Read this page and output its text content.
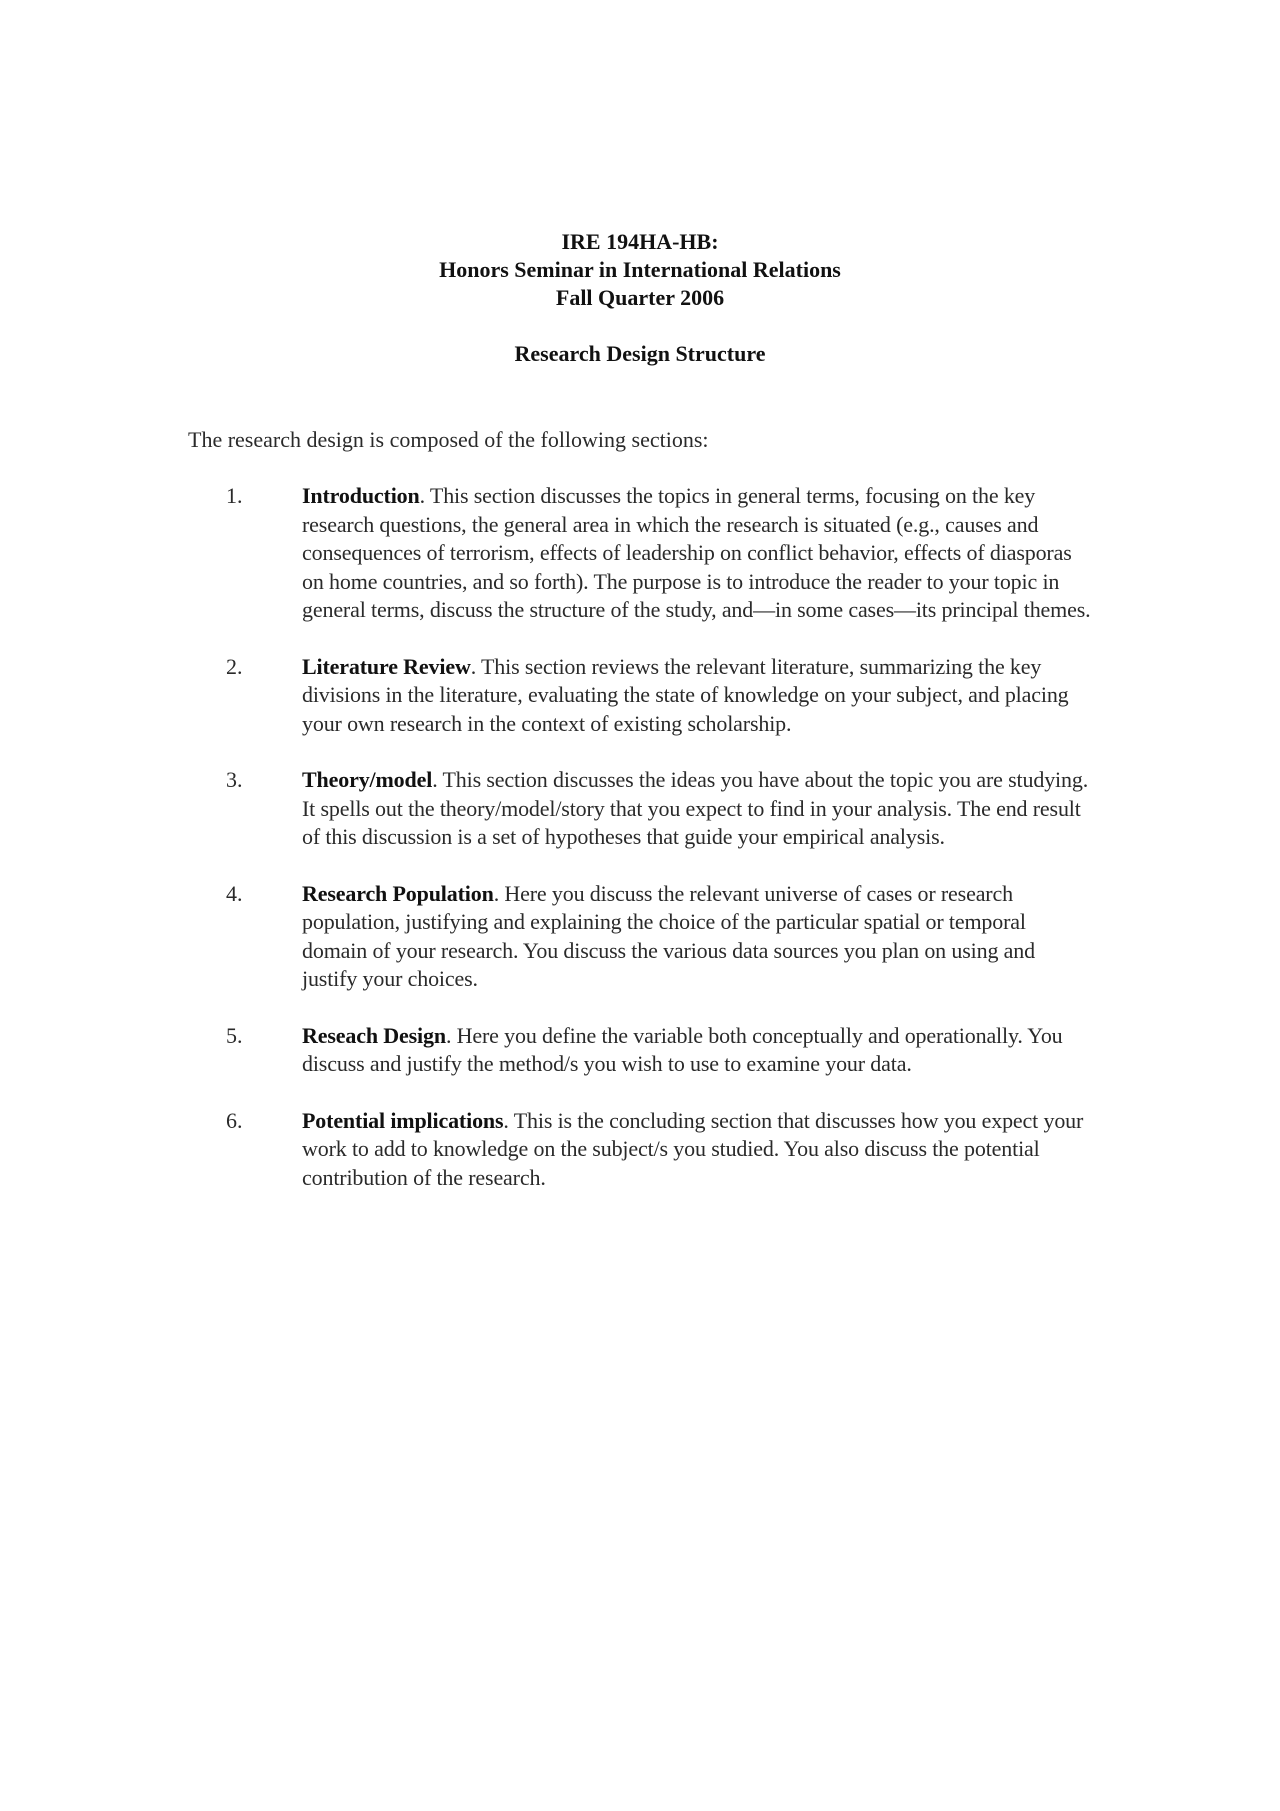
IRE 194HA-HB:
Honors Seminar in International Relations
Fall Quarter 2006
Research Design Structure
The research design is composed of the following sections:
1.	Introduction. This section discusses the topics in general terms, focusing on the key research questions, the general area in which the research is situated (e.g., causes and consequences of terrorism, effects of leadership on conflict behavior, effects of diasporas on home countries, and so forth). The purpose is to introduce the reader to your topic in general terms, discuss the structure of the study, and—in some cases—its principal themes.
2.	Literature Review. This section reviews the relevant literature, summarizing the key divisions in the literature, evaluating the state of knowledge on your subject, and placing your own research in the context of existing scholarship.
3.	Theory/model. This section discusses the ideas you have about the topic you are studying. It spells out the theory/model/story that you expect to find in your analysis. The end result of this discussion is a set of hypotheses that guide your empirical analysis.
4.	Research Population. Here you discuss the relevant universe of cases or research population, justifying and explaining the choice of the particular spatial or temporal domain of your research. You discuss the various data sources you plan on using and justify your choices.
5.	Reseach Design. Here you define the variable both conceptually and operationally. You discuss and justify the method/s you wish to use to examine your data.
6.	Potential implications. This is the concluding section that discusses how you expect your work to add to knowledge on the subject/s you studied. You also discuss the potential contribution of the research.
